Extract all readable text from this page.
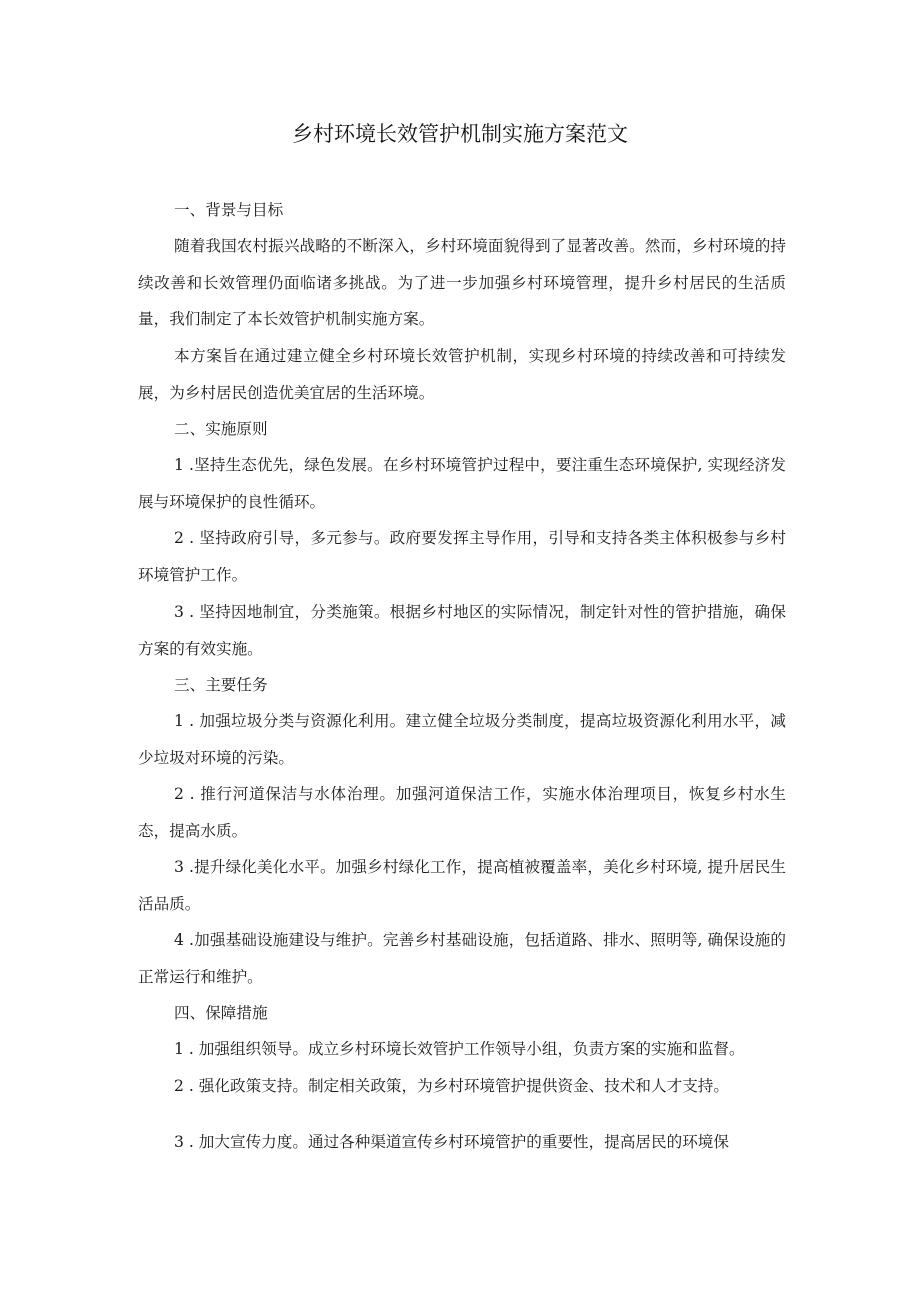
乡村环境长效管护机制实施方案范文
一、背景与目标
随着我国农村振兴战略的不断深入，乡村环境面貌得到了显著改善。然而，乡村环境的持续改善和长效管理仍面临诸多挑战。为了进一步加强乡村环境管理，提升乡村居民的生活质量，我们制定了本长效管护机制实施方案。
本方案旨在通过建立健全乡村环境长效管护机制，实现乡村环境的持续改善和可持续发展，为乡村居民创造优美宜居的生活环境。
二、实施原则
1 .坚持生态优先，绿色发展。在乡村环境管护过程中，要注重生态环境保护, 实现经济发展与环境保护的良性循环。
2 . 坚持政府引导，多元参与。政府要发挥主导作用，引导和支持各类主体积极参与乡村环境管护工作。
3 . 坚持因地制宜，分类施策。根据乡村地区的实际情况，制定针对性的管护措施，确保方案的有效实施。
三、主要任务
1 . 加强垃圾分类与资源化利用。建立健全垃圾分类制度，提高垃圾资源化利用水平，减少垃圾对环境的污染。
2 . 推行河道保洁与水体治理。加强河道保洁工作，实施水体治理项目，恢复乡村水生态，提高水质。
3 .提升绿化美化水平。加强乡村绿化工作，提高植被覆盖率，美化乡村环境, 提升居民生活品质。
4 .加强基础设施建设与维护。完善乡村基础设施，包括道路、排水、照明等, 确保设施的正常运行和维护。
四、保障措施
1 . 加强组织领导。成立乡村环境长效管护工作领导小组，负责方案的实施和监督。
2 . 强化政策支持。制定相关政策，为乡村环境管护提供资金、技术和人才支持。
3 . 加大宣传力度。通过各种渠道宣传乡村环境管护的重要性，提高居民的环境保
